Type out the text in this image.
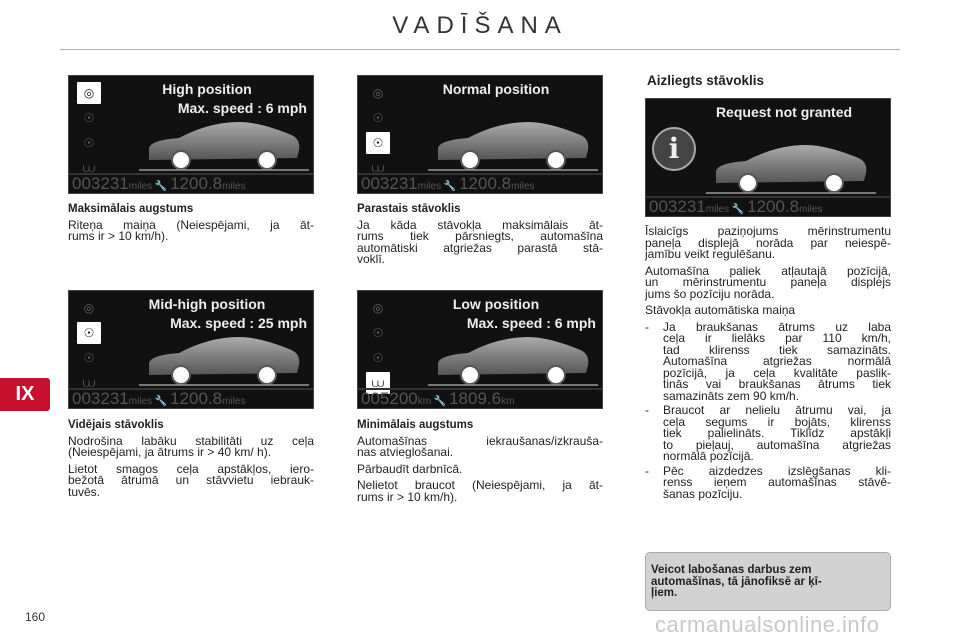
VADĪŠANA
IX
160
◎
☉
☉
⩊
High position
Max. speed : 6 mph
003231miles 🔧 1200.8miles
◎
☉
☉
⩊
Normal position
003231miles 🔧 1200.8miles
◎
☉
☉
⩊
Mid-high position
Max. speed : 25 mph
003231miles 🔧 1200.8miles
◎
☉
☉
⩊
Low position
Max. speed : 6 mph
005200km 🔧 1809.6km
i
Request not granted
003231miles 🔧 1200.8miles
Maksimālais augstums
Riteņa maiņa (Neiespējami, ja āt-
rums ir > 10 km/h).
Parastais stāvoklis
Ja kāda stāvokļa maksimālais āt-
rums tiek pārsniegts, automašīna
automātiski atgriežas parastā stā-
voklī.
Vidējais stāvoklis
Nodrošina labāku stabilitāti uz ceļa
(Neiespējami, ja ātrums ir > 40 km/ h).
Lietot smagos ceļa apstākļos, iero-
bežotā ātrumā un stāvvietu iebrauk-
tuvēs.
Minimālais augstums
Automašīnas iekraušanas/izkrauša-
nas atvieglošanai.
Pārbaudīt darbnīcā.
Nelietot braucot (Neiespējami, ja āt-
rums ir > 10 km/h).
Aizliegts stāvoklis
Īslaicīgs paziņojums mērinstrumentu
paneļa displejā norāda par neiespē-
jamību veikt regulēšanu.
Automašīna paliek atļautajā pozīcijā,
un mērinstrumentu paneļa displejs
jums šo pozīciju norāda.
Stāvokļa automātiska maiņa
- Ja braukšanas ātrums uz laba
ceļa ir lielāks par 110 km/h,
tad klirenss tiek samazināts.
Automašīna atgriežas normālā
pozīcijā, ja ceļa kvalitāte paslik-
tinās vai braukšanas ātrums tiek
samazināts zem 90 km/h.
- Braucot ar nelielu ātrumu vai, ja
ceļa segums ir bojāts, klirenss
tiek palielināts. Tiklīdz apstākļi
to pieļauj, automašīna atgriežas
normālā pozīcijā.
- Pēc aizdedzes izslēgšanas kli-
renss ieņem automašīnas stāvē-
šanas pozīciju.
Veicot labošanas darbus zem
automašīnas, tā jānofiksē ar ķī-
ļiem.
carmanualsonline.info
